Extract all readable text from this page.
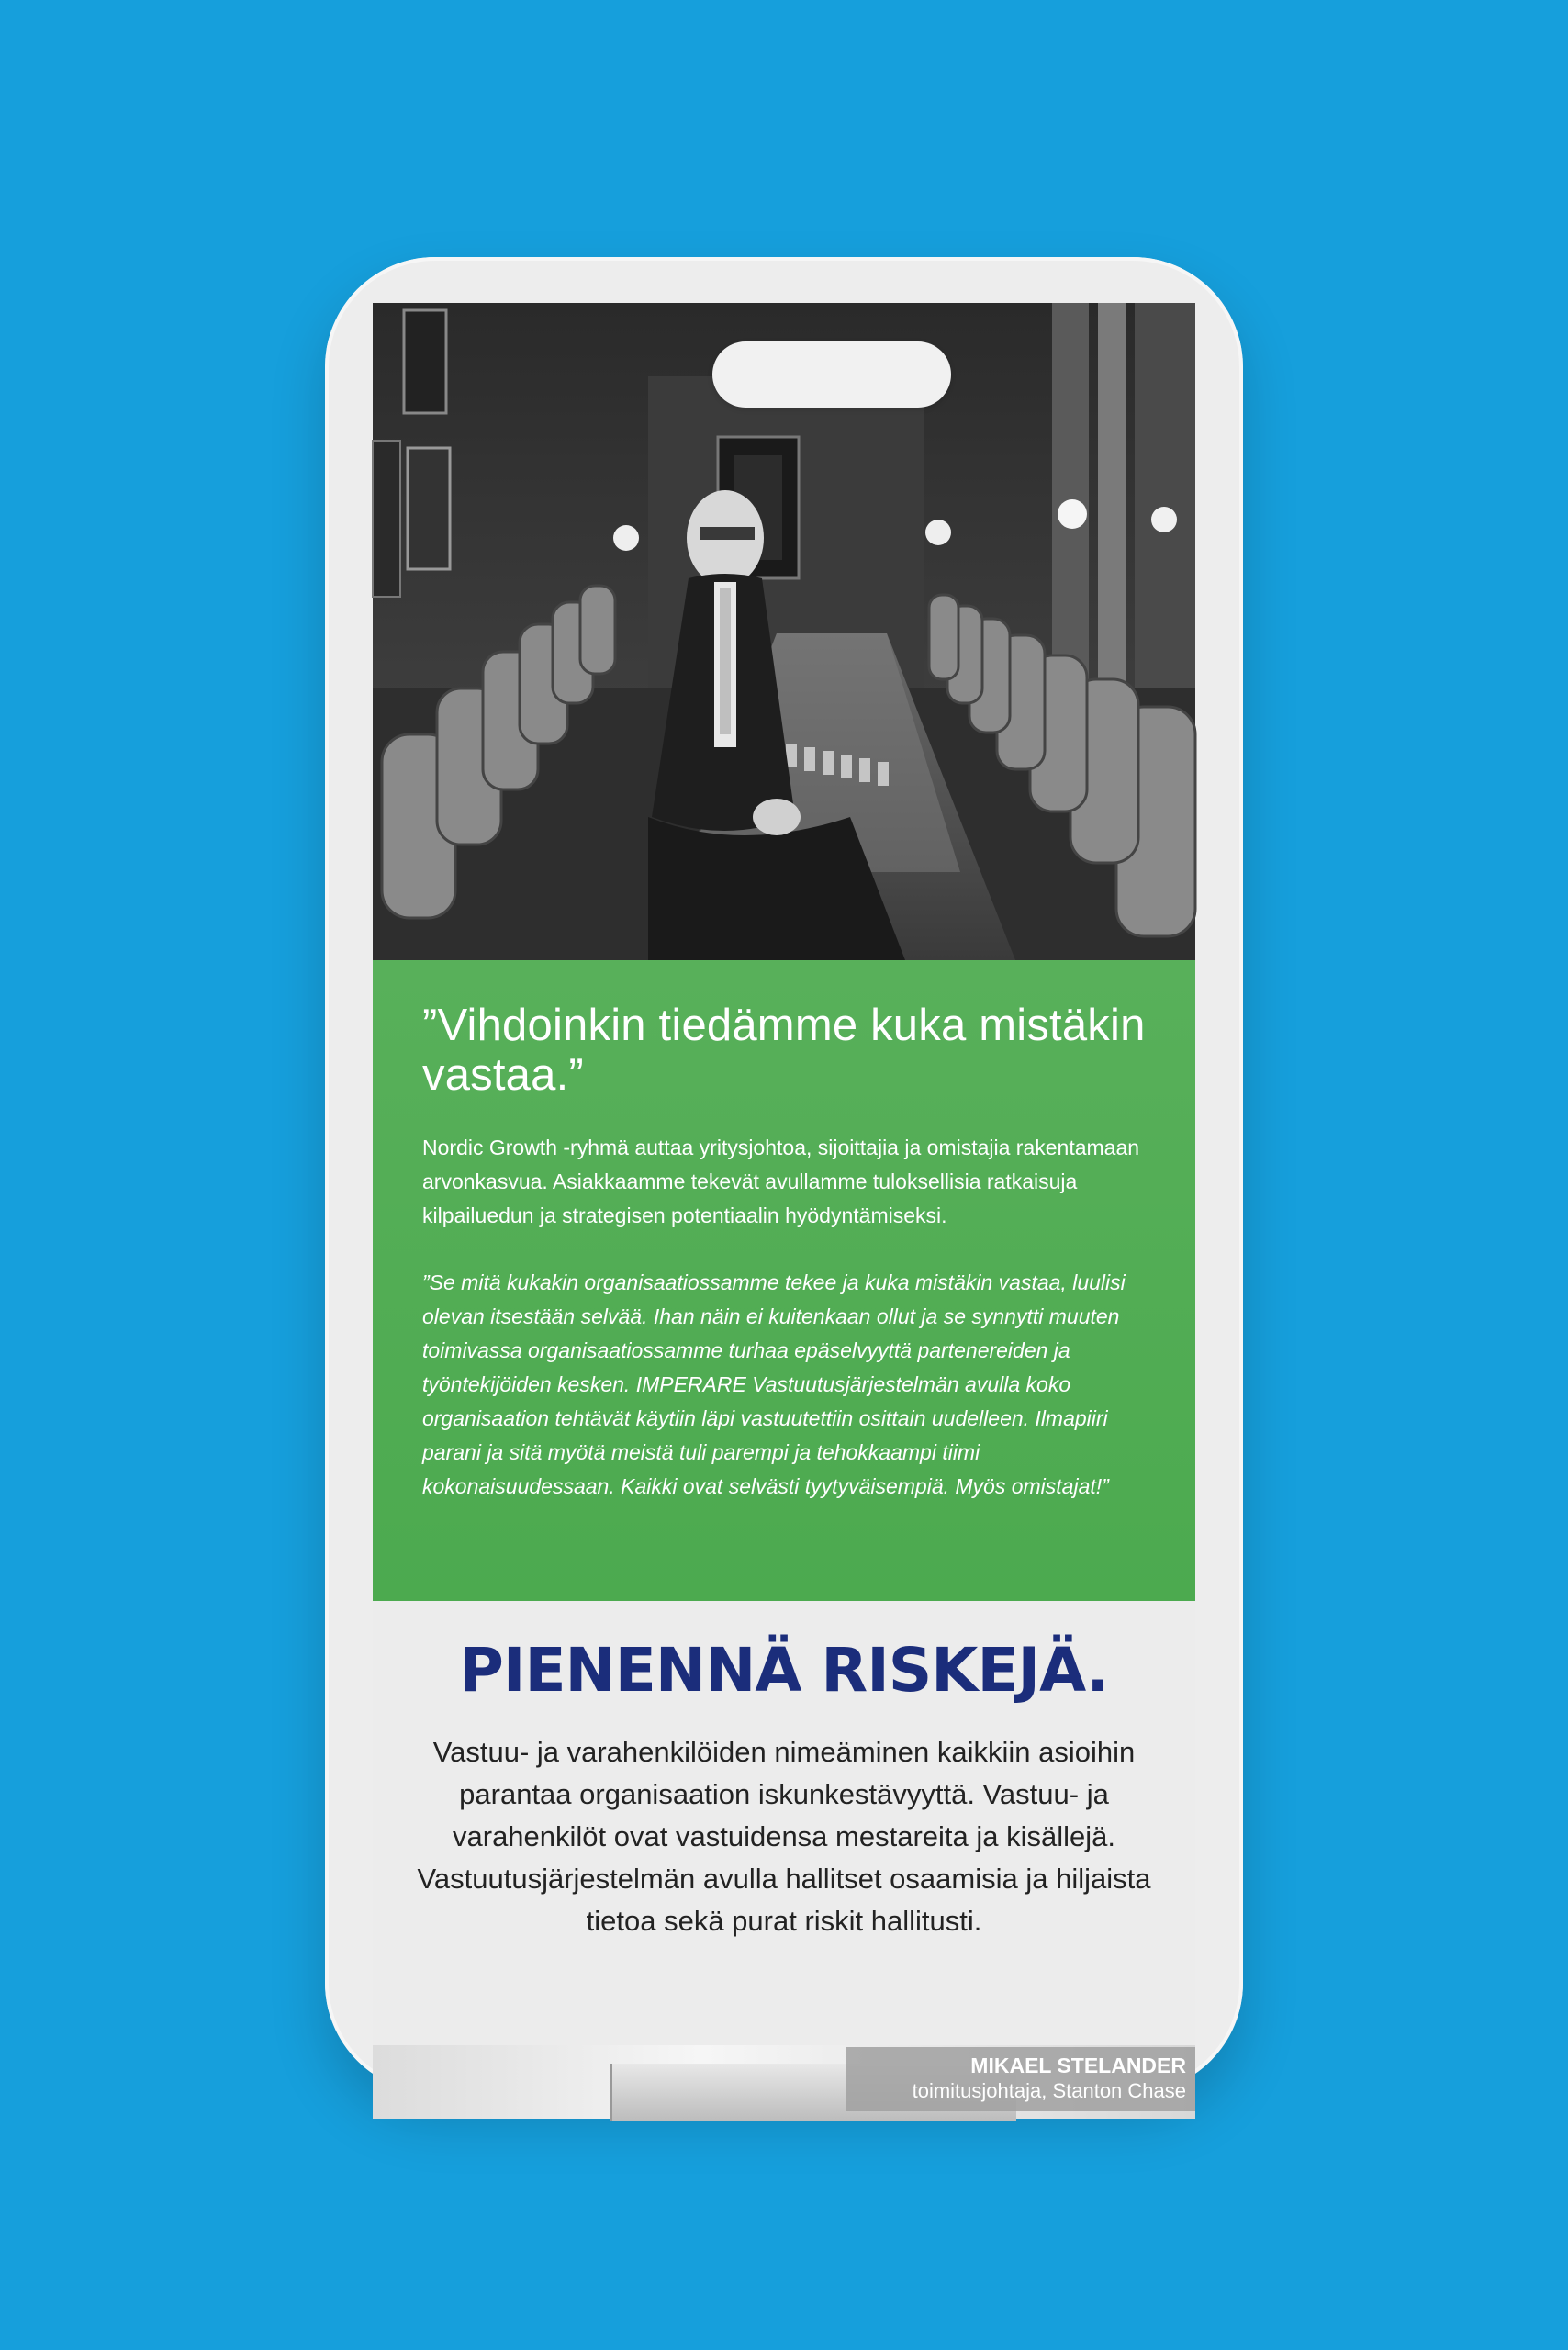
”Vihdoinkin tiedämme kuka mistäkin vastaa.”

Nordic Growth -ryhmä auttaa yritysjohtoa, sijoittajia ja omistajia rakentamaan arvonkasvua. Asiakkaamme tekevät avullamme tuloksellisia ratkaisuja kilpailuedun ja strategisen potentiaalin hyödyntämiseksi.

”Se mitä kukakin organisaatiossamme tekee ja kuka mistäkin vastaa, luulisi olevan itsestään selvää. Ihan näin ei kuitenkaan ollut ja se synnytti muuten toimivassa organisaatiossamme turhaa epäselvyyttä partenereiden ja työntekijöiden kesken. IMPERARE Vastuutusjärjestelmän avulla koko organisaation tehtävät käytiin läpi vastuutettiin osittain uudelleen. Ilmapiiri parani ja sitä myötä meistä tuli parempi ja tehokkaampi tiimi kokonaisuudessaan. Kaikki ovat selvästi tyytyväisempiä. Myös omistajat!”

PIENENNÄ RISKEJÄ.

Vastuu- ja varahenkilöiden nimeäminen kaikkiin asioihin parantaa organisaation iskunkestävyyttä. Vastuu- ja varahenkilöt ovat vastuidensa mestareita ja kisällejä. Vastuutusjärjestelmän avulla hallitset osaamisia ja hiljaista tietoa sekä purat riskit hallitusti.

MIKAEL STELANDER
toimitusjohtaja, Stanton Chase
